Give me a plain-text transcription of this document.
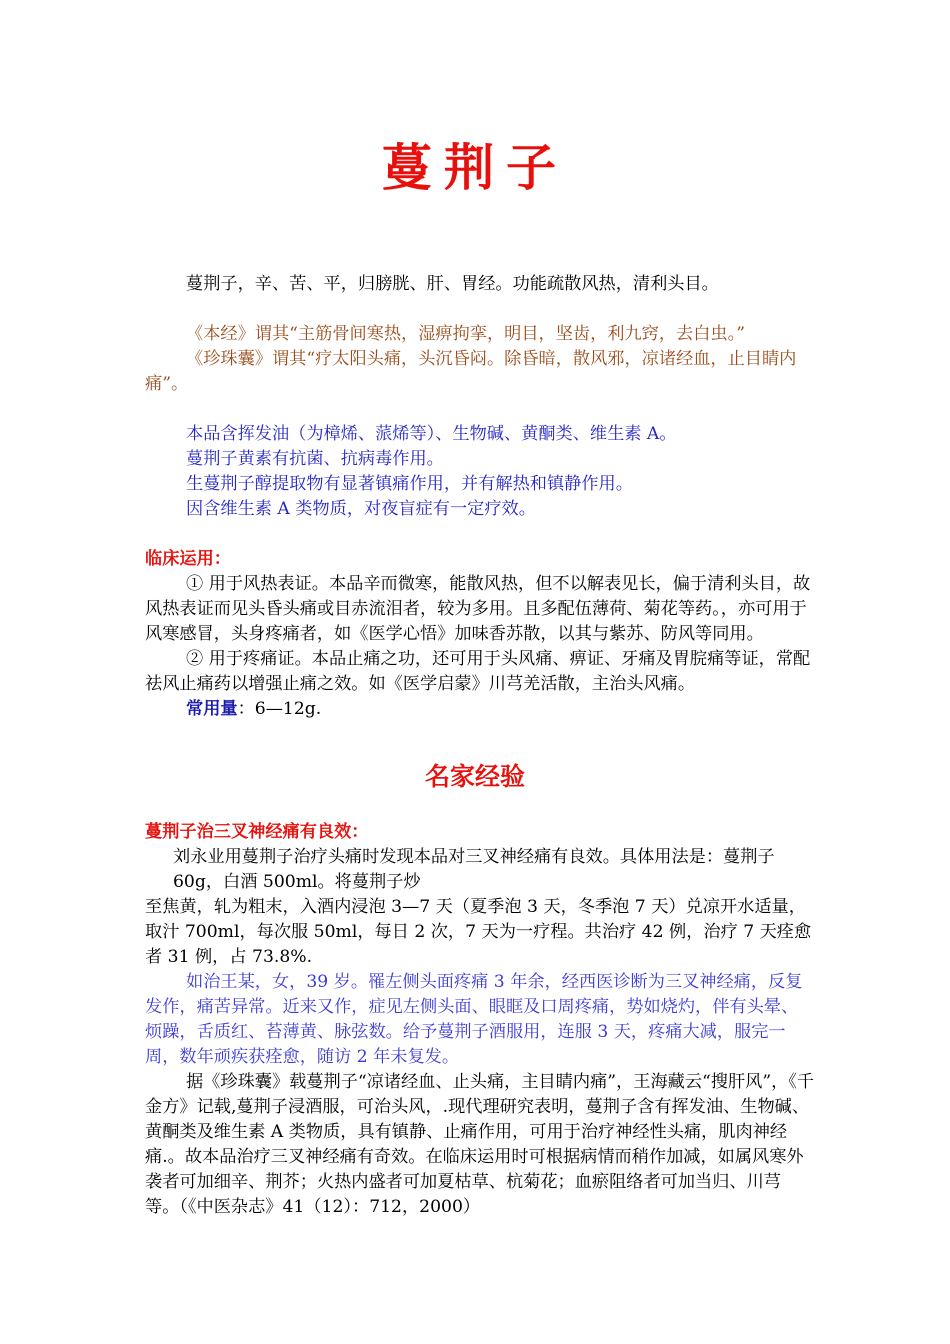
蔓荆子

蔓荆子，辛、苦、平，归膀胱、肝、胃经。功能疏散风热，清利头目。

《本经》谓其“主筋骨间寒热，湿痹拘挛，明目，坚齿，利九窍，去白虫。”

《珍珠囊》谓其“疗太阳头痛，头沉昏闷。除昏暗，散风邪，凉诸经血，止目睛内痛”。

本品含挥发油（为樟烯、蒎烯等）、生物碱、黄酮类、维生素 A。

蔓荆子黄素有抗菌、抗病毒作用。

生蔓荆子醇提取物有显著镇痛作用，并有解热和镇静作用。

因含维生素 A 类物质，对夜盲症有一定疗效。

临床运用：

① 用于风热表证。本品辛而微寒，能散风热，但不以解表见长，偏于清利头目，故风热表证而见头昏头痛或目赤流泪者，较为多用。且多配伍薄荷、菊花等药。，亦可用于风寒感冒，头身疼痛者，如《医学心悟》加味香苏散，以其与紫苏、防风等同用。

② 用于疼痛证。本品止痛之功，还可用于头风痛、痹证、牙痛及胃脘痛等证，常配祛风止痛药以增强止痛之效。如《医学启蒙》川芎羌活散，主治头风痛。

常用量：6—12g.

名家经验

蔓荆子治三叉神经痛有良效：

刘永业用蔓荆子治疗头痛时发现本品对三叉神经痛有良效。具体用法是：蔓荆子 60g，白酒 500ml。将蔓荆子炒

至焦黄，轧为粗末，入酒内浸泡 3—7 天（夏季泡 3 天，冬季泡 7 天）兑凉开水适量，取汁 700ml，每次服 50ml，每日 2 次，7 天为一疗程。共治疗 42 例，治疗 7 天痊愈者 31 例，占 73.8%.

如治王某，女，39 岁。罹左侧头面疼痛 3 年余，经西医诊断为三叉神经痛，反复发作，痛苦异常。近来又作，症见左侧头面、眼眶及口周疼痛，势如烧灼，伴有头晕、烦躁，舌质红、苔薄黄、脉弦数。给予蔓荆子酒服用，连服 3 天，疼痛大减，服完一周，数年顽疾获痊愈，随访 2 年未复发。

据《珍珠囊》载蔓荆子“凉诸经血、止头痛，主目睛内痛”，王海藏云“搜肝风”，《千金方》记载,蔓荆子浸酒服，可治头风，.现代理研究表明，蔓荆子含有挥发油、生物碱、黄酮类及维生素 A 类物质，具有镇静、止痛作用，可用于治疗神经性头痛，肌肉神经痛.。故本品治疗三叉神经痛有奇效。在临床运用时可根据病情而稍作加减，如属风寒外袭者可加细辛、荆芥；火热内盛者可加夏枯草、杭菊花；血瘀阻络者可加当归、川芎等。（《中医杂志》41（12）：712，2000）
